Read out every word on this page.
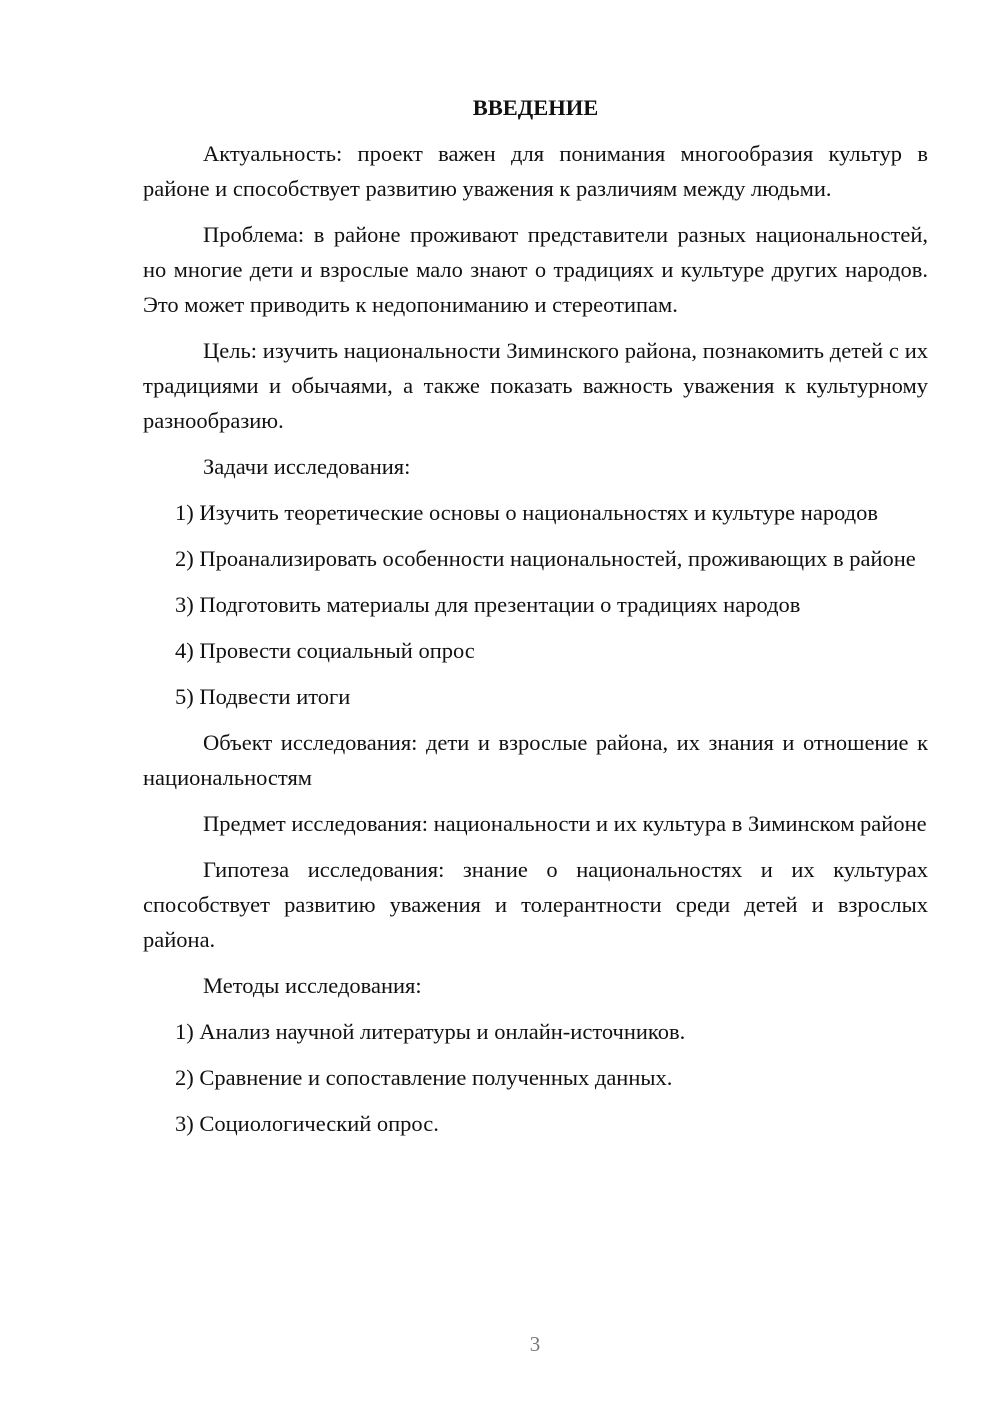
ВВЕДЕНИЕ

Актуальность: проект важен для понимания многообразия культур в районе и способствует развитию уважения к различиям между людьми.

Проблема: в районе проживают представители разных национальностей, но многие дети и взрослые мало знают о традициях и культуре других народов. Это может приводить к недопониманию и стереотипам.

Цель: изучить национальности Зиминского района, познакомить детей с их традициями и обычаями, а также показать важность уважения к культурному разнообразию.

Задачи исследования:

1) Изучить теоретические основы о национальностях и культуре народов

2) Проанализировать особенности национальностей, проживающих в районе

3) Подготовить материалы для презентации о традициях народов

4) Провести социальный опрос

5) Подвести итоги

Объект исследования: дети и взрослые района, их знания и отношение к национальностям

Предмет исследования: национальности и их культура в Зиминском районе

Гипотеза исследования: знание о национальностях и их культурах способствует развитию уважения и толерантности среди детей и взрослых района.

Методы исследования:

1) Анализ научной литературы и онлайн-источников.

2) Сравнение и сопоставление полученных данных.

3) Социологический опрос.

3
